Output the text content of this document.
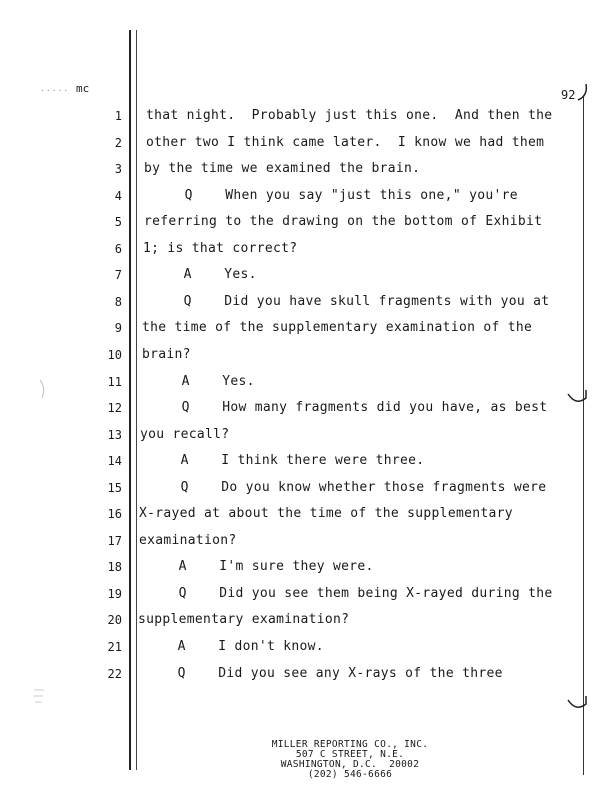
..... mc	92
1 that night.  Probably just this one.  And then the
2 other two I think came later.  I know we had them
3 by the time we examined the brain.
4 Q    When you say "just this one," you're
5 referring to the drawing on the bottom of Exhibit
6 1; is that correct?
7 A    Yes.
8 Q    Did you have skull fragments with you at
9 the time of the supplementary examination of the
10 brain?
11 A    Yes.
12 Q    How many fragments did you have, as best
13 you recall?
14 A    I think there were three.
15 Q    Do you know whether those fragments were
16 X-rayed at about the time of the supplementary
17 examination?
18 A    I'm sure they were.
19 Q    Did you see them being X-rayed during the
20 supplementary examination?
21 A    I don't know.
22 Q    Did you see any X-rays of the three
MILLER REPORTING CO., INC.
507 C STREET, N.E.
WASHINGTON, D.C.  20002
(202) 546-6666
